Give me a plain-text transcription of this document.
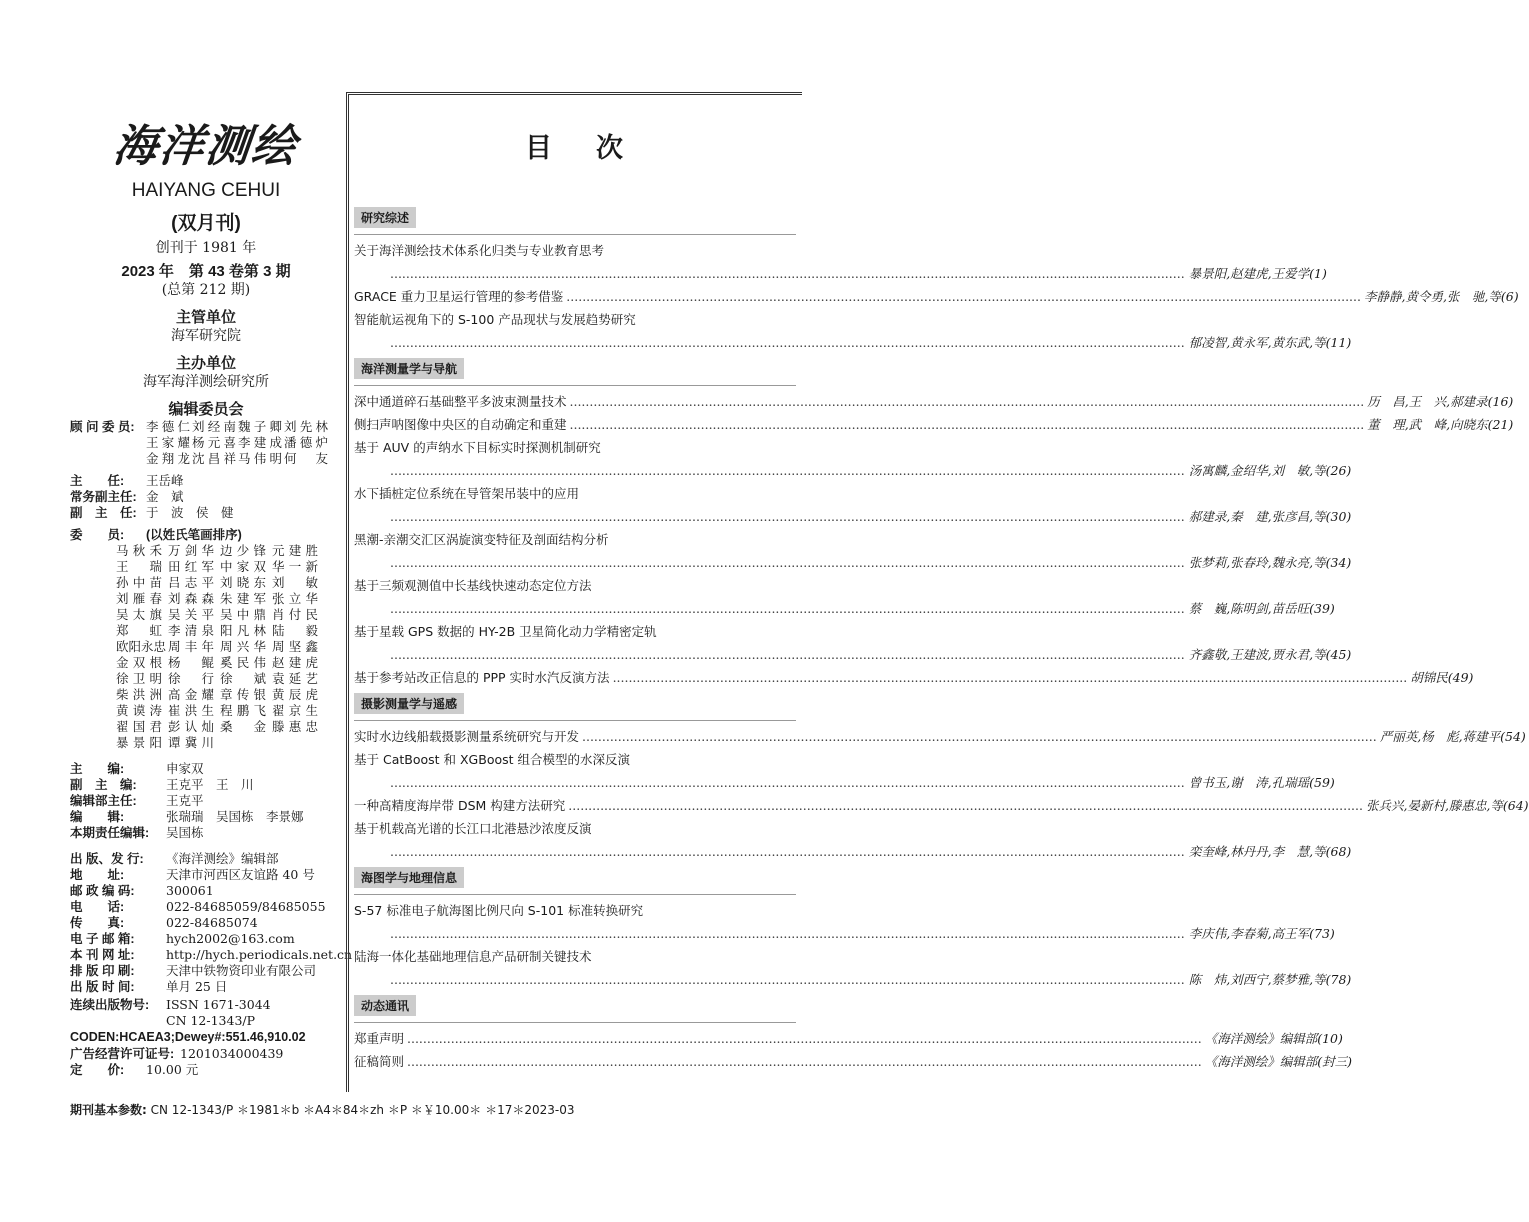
海洋测绘
HAIYANG CEHUI
(双月刊)
创刊于 1981 年
2023 年　第 43 卷第 3 期
(总第 212 期)
主管单位
海军研究院
主办单位
海军海洋测绘研究所
编辑委员会
顾 问 委 员: 李德仁 刘经南 魏子卿 刘先林
王家耀 杨元喜 李建成 潘德炉
金翔龙 沈昌祥 马伟明 何　友
主　　任:	王岳峰
常务副主任: 金　斌
副　主　任: 于　波　侯　健
委　　员:	(以姓氏笔画排序)
马秋禾 万剑华 边少锋 元建胜
王　瑞 田红军 中家双 华一新
孙中苗 吕志平 刘晓东 刘　敏
刘雁春 刘森森 朱建军 张立华
吴太旗 吴关平 吴中鼎 肖付民
郑　虹 李清泉 阳凡林 陆　毅
欧阳永忠 周丰年 周兴华 周坚鑫
金双根 杨　鲲 奚民伟 赵建虎
徐卫明 徐　行 徐斌 袁延艺
柴洪洲 高金耀 章传银 黄辰虎
黄谟涛 崔洪生 程鹏飞 翟京生
翟国君 彭认灿 桑　金 滕惠忠
暴景阳 谭冀川
主　　编:	申家双
副　主　编:	王克平　王　川
编辑部主任:	王克平
编　　辑:	张瑞瑞　吴国栋　李景娜
本期责任编辑:	吴国栋
出 版、发 行:	《海洋测绘》编辑部
地　　址:	天津市河西区友谊路 40 号
邮 政 编 码:	300061
电　　话:	022-84685059/84685055
传　　真:	022-84685074
电 子 邮 箱:	hych2002@163.com
本 刊 网 址:	http://hych.periodicals.net.cn
排 版 印 刷:	天津中铁物资印业有限公司
出 版 时 间:	单月 25 日
连续出版物号:	ISSN 1671-3044
CN 12-1343/P
CODEN:HCAEA3;Dewey#:551.46,910.02
广告经营许可证号: 1201034000439
定　　价:	10.00 元
期刊基本参数: CN 12-1343/P ＊1981＊b ＊A4＊84＊zh ＊P ＊￥10.00＊ ＊17＊2023-03
目次
研究综述
关于海洋测绘技术体系化归类与专业教育思考
........................................................................................................................................................................................................ 暴景阳,赵建虎,王爱学(1)
GRACE 重力卫星运行管理的参考借鉴 ........................................................................................................................................................................................................ 李静静,黄令勇,张　驰,等(6)
智能航运视角下的 S-100 产品现状与发展趋势研究
........................................................................................................................................................................................................ 郁凌智,黄永军,黄东武,等(11)
海洋测量学与导航
深中通道碎石基础整平多波束测量技术 ........................................................................................................................................................................................................ 历　昌,王　兴,郝建录(16)
侧扫声呐图像中央区的自动确定和重建 ........................................................................................................................................................................................................ 董　理,武　峰,向晓东(21)
基于 AUV 的声纳水下目标实时探测机制研究
........................................................................................................................................................................................................ 汤寓麟,金绍华,刘　敏,等(26)
水下插桩定位系统在导管架吊装中的应用
........................................................................................................................................................................................................ 郝建录,秦　建,张彦昌,等(30)
黑潮-亲潮交汇区涡旋演变特征及剖面结构分析
........................................................................................................................................................................................................ 张梦莉,张春玲,魏永亮,等(34)
基于三频观测值中长基线快速动态定位方法
........................................................................................................................................................................................................ 蔡　巍,陈明剑,苗岳旺(39)
基于星载 GPS 数据的 HY-2B 卫星简化动力学精密定轨
........................................................................................................................................................................................................ 齐鑫敬,王建波,贾永君,等(45)
基于参考站改正信息的 PPP 实时水汽反演方法 ........................................................................................................................................................................................................ 胡锦民(49)
摄影测量学与遥感
实时水边线船载摄影测量系统研究与开发 ........................................................................................................................................................................................................ 严丽英,杨　彪,蒋建平(54)
基于 CatBoost 和 XGBoost 组合模型的水深反演
........................................................................................................................................................................................................ 曾书玉,谢　涛,孔瑞瑶(59)
一种高精度海岸带 DSM 构建方法研究 ........................................................................................................................................................................................................ 张兵兴,晏新村,滕惠忠,等(64)
基于机载高光谱的长江口北港悬沙浓度反演
........................................................................................................................................................................................................ 栾奎峰,林丹丹,李　慧,等(68)
海图学与地理信息
S-57 标准电子航海图比例尺向 S-101 标准转换研究
........................................................................................................................................................................................................ 李庆伟,李春菊,高王军(73)
陆海一体化基础地理信息产品研制关键技术
........................................................................................................................................................................................................ 陈　炜,刘西宁,蔡梦雅,等(78)
动态通讯
郑重声明 ........................................................................................................................................................................................................ 《海洋测绘》编辑部(10)
征稿简则 ........................................................................................................................................................................................................ 《海洋测绘》编辑部(封三)
